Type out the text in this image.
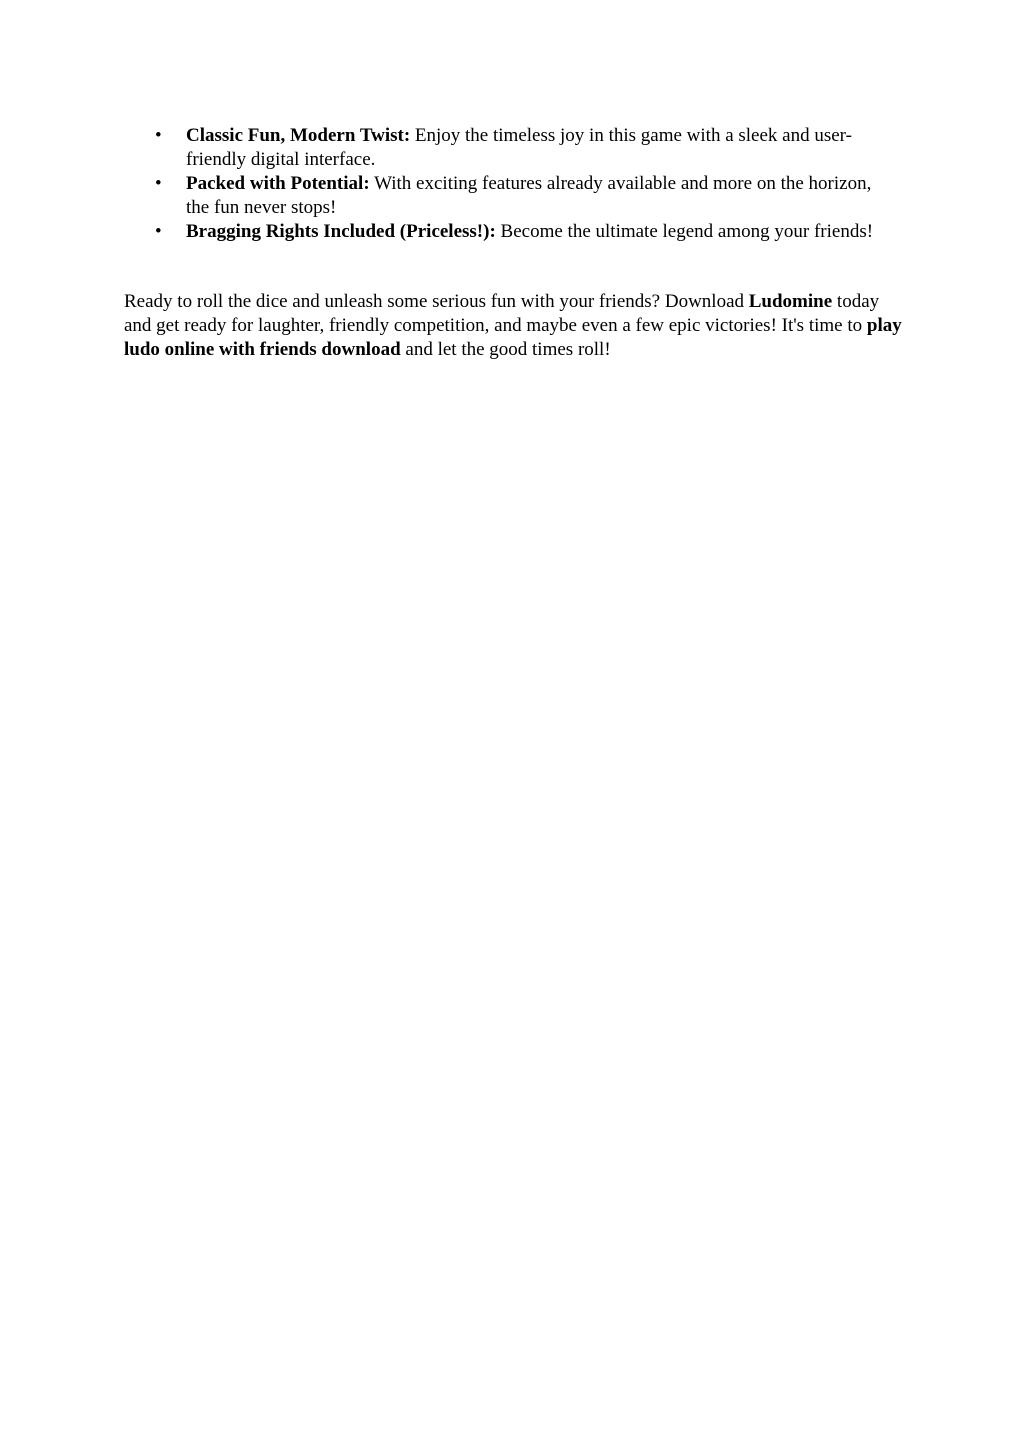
• Classic Fun, Modern Twist: Enjoy the timeless joy in this game with a sleek and user-friendly digital interface.
• Packed with Potential: With exciting features already available and more on the horizon, the fun never stops!
• Bragging Rights Included (Priceless!): Become the ultimate legend among your friends!

Ready to roll the dice and unleash some serious fun with your friends? Download Ludomine today and get ready for laughter, friendly competition, and maybe even a few epic victories! It's time to play ludo online with friends download and let the good times roll!
